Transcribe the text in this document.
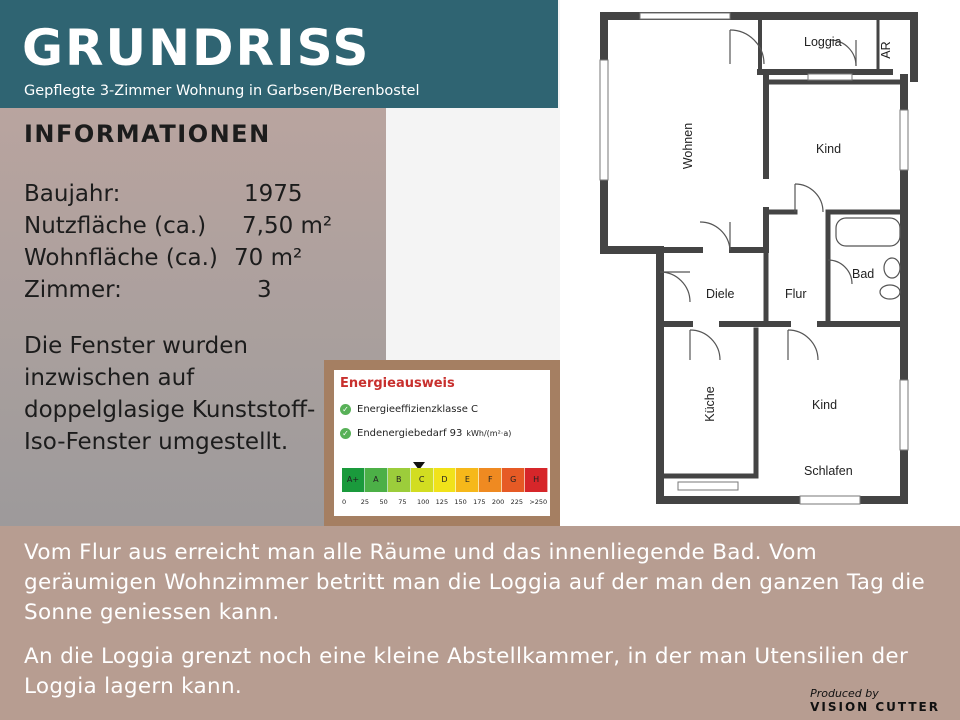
GRUNDRISS
Gepflegte 3-Zimmer Wohnung in Garbsen/Berenbostel
INFORMATIONEN
Baujahr:	1975
Nutzfläche (ca.) 7,50 m²
Wohnfläche (ca.) 70 m²
Zimmer:	3
Die Fenster wurden inzwischen auf doppelglasige Kunststoff-Iso-Fenster umgestellt.
Loggia	AR
Wohnen	Kind
Bad
Diele	Flur
Küche	Kind
Schlafen
Energieausweis
✓ Energieeffizienzklasse C
✓ Endenergiebedarf 93 kWh/(m²·a)
A+	A	B	C	D	E	F	G	H
0	25	50	75	100 125 150 175 200 225 >250

Vom Flur aus erreicht man alle Räume und das innenliegende Bad. Vom geräumigen Wohnzimmer betritt man die Loggia auf der man den ganzen Tag die Sonne geniessen kann.

An die Loggia grenzt noch eine kleine Abstellkammer, in der man Utensilien der Loggia lagern kann.	Produced by
VISION CUTTER
